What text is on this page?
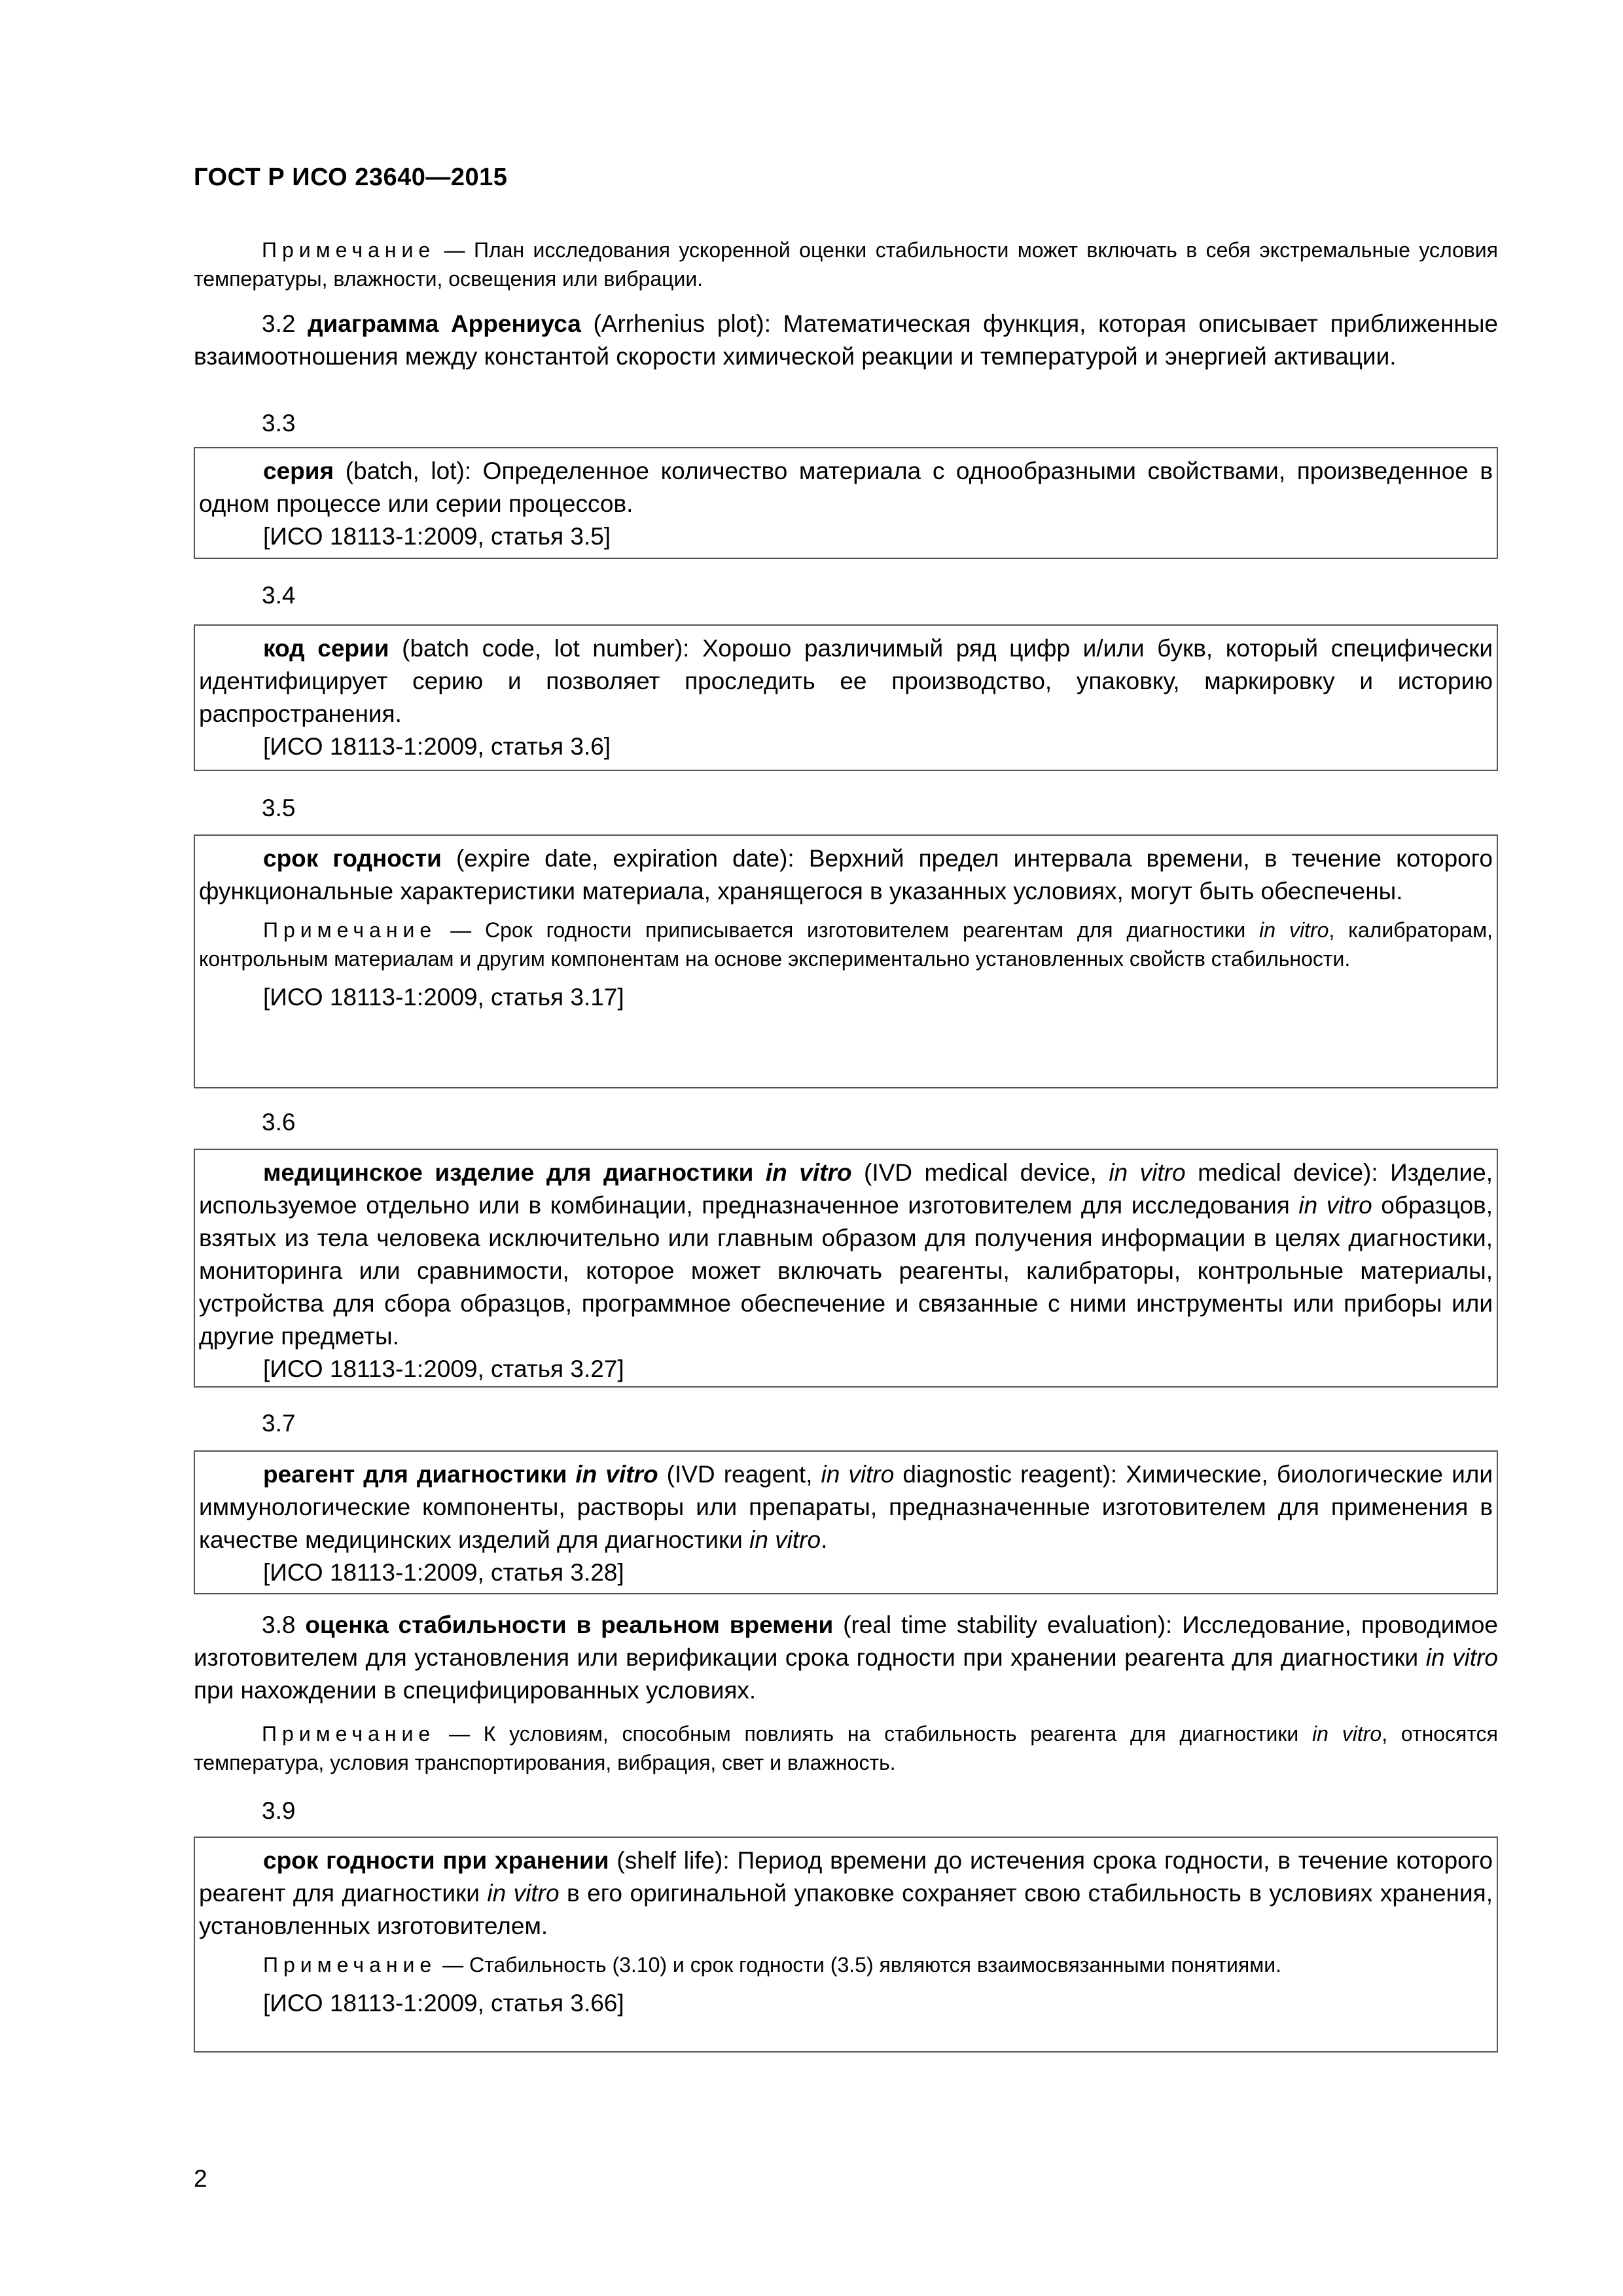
ГОСТ Р ИСО 23640—2015

Примечание — План исследования ускоренной оценки стабильности может включать в себя экстремальные условия температуры, влажности, освещения или вибрации.

3.2 диаграмма Аррениуса (Arrhenius plot): Математическая функция, которая описывает приближенные взаимоотношения между константой скорости химической реакции и температурой и энергией активации.

3.3

серия (batch, lot): Определенное количество материала с однообразными свойствами, произведенное в одном процессе или серии процессов.

[ИСО 18113-1:2009, статья 3.5]

3.4

код серии (batch code, lot number): Хорошо различимый ряд цифр и/или букв, который специфически идентифицирует серию и позволяет проследить ее производство, упаковку, маркировку и историю распространения.

[ИСО 18113-1:2009, статья 3.6]

3.5

срок годности (expire date, expiration date): Верхний предел интервала времени, в течение которого функциональные характеристики материала, хранящегося в указанных условиях, могут быть обеспечены.

Примечание — Срок годности приписывается изготовителем реагентам для диагностики in vitro, калибраторам, контрольным материалам и другим компонентам на основе экспериментально установленных свойств стабильности.

[ИСО 18113-1:2009, статья 3.17]

3.6

медицинское изделие для диагностики in vitro (IVD medical device, in vitro medical device): Изделие, используемое отдельно или в комбинации, предназначенное изготовителем для исследования in vitro образцов, взятых из тела человека исключительно или главным образом для получения информации в целях диагностики, мониторинга или сравнимости, которое может включать реагенты, калибраторы, контрольные материалы, устройства для сбора образцов, программное обеспечение и связанные с ними инструменты или приборы или другие предметы.

[ИСО 18113-1:2009, статья 3.27]

3.7

реагент для диагностики in vitro (IVD reagent, in vitro diagnostic reagent): Химические, биологические или иммунологические компоненты, растворы или препараты, предназначенные изготовителем для применения в качестве медицинских изделий для диагностики in vitro.

[ИСО 18113-1:2009, статья 3.28]

3.8 оценка стабильности в реальном времени (real time stability evaluation): Исследование, проводимое изготовителем для установления или верификации срока годности при хранении реагента для диагностики in vitro при нахождении в специфицированных условиях.

Примечание — К условиям, способным повлиять на стабильность реагента для диагностики in vitro, относятся температура, условия транспортирования, вибрация, свет и влажность.

3.9

срок годности при хранении (shelf life): Период времени до истечения срока годности, в течение которого реагент для диагностики in vitro в его оригинальной упаковке сохраняет свою стабильность в условиях хранения, установленных изготовителем.

Примечание — Стабильность (3.10) и срок годности (3.5) являются взаимосвязанными понятиями.

[ИСО 18113-1:2009, статья 3.66]

2
